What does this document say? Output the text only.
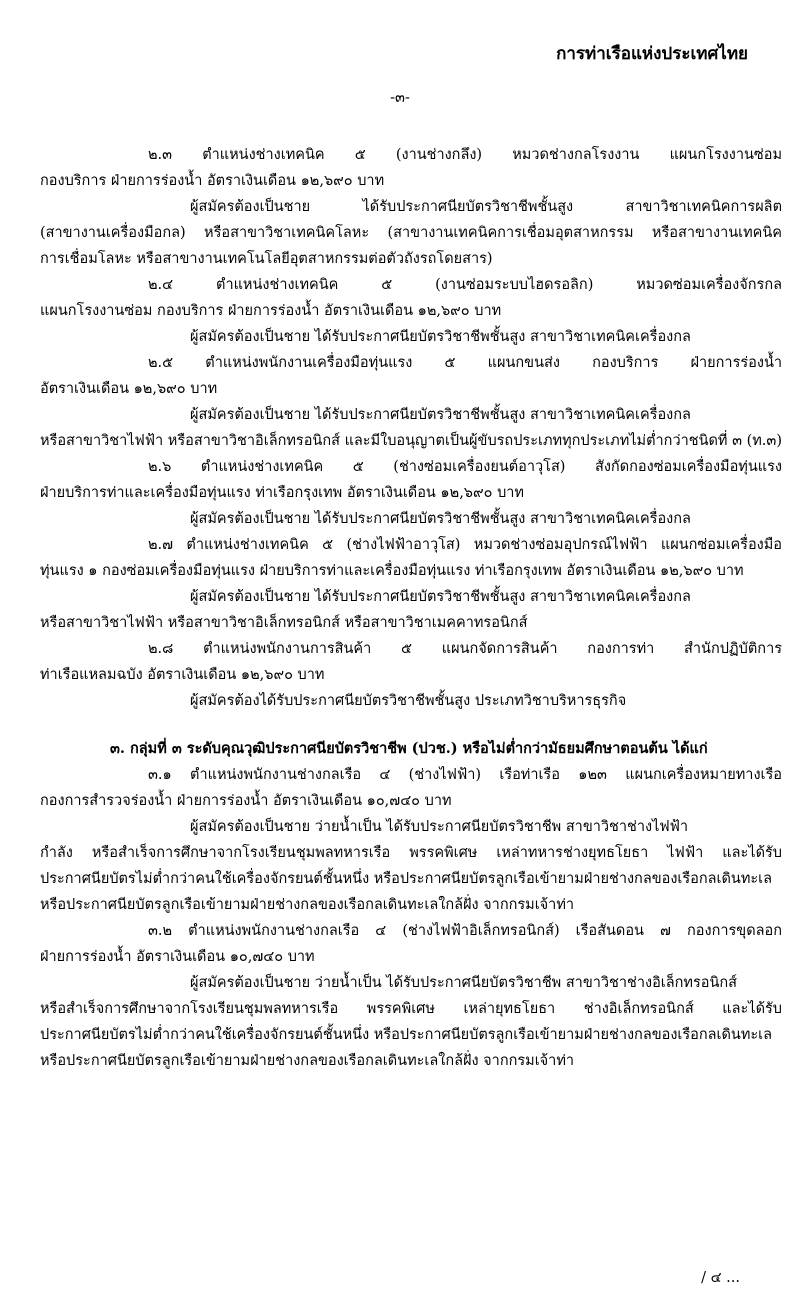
การท่าเรือแห่งประเทศไทย
-๓-
๒.๓ ตำแหน่งช่างเทคนิค ๕ (งานช่างกลึง) หมวดช่างกลโรงงาน แผนกโรงงานซ่อม
กองบริการ ฝ่ายการร่องน้ำ อัตราเงินเดือน ๑๒,๖๙๐ บาท
ผู้สมัครต้องเป็นชาย ได้รับประกาศนียบัตรวิชาชีพชั้นสูง สาขาวิชาเทคนิคการผลิต
(สาขางานเครื่องมือกล) หรือสาขาวิชาเทคนิคโลหะ (สาขางานเทคนิคการเชื่อมอุตสาหกรรม หรือสาขางานเทคนิค
การเชื่อมโลหะ หรือสาขางานเทคโนโลยีอุตสาหกรรมต่อตัวถังรถโดยสาร)
๒.๔ ตำแหน่งช่างเทคนิค ๕ (งานซ่อมระบบไฮดรอลิก) หมวดซ่อมเครื่องจักรกล
แผนกโรงงานซ่อม กองบริการ ฝ่ายการร่องน้ำ อัตราเงินเดือน ๑๒,๖๙๐ บาท
ผู้สมัครต้องเป็นชาย ได้รับประกาศนียบัตรวิชาชีพชั้นสูง สาขาวิชาเทคนิคเครื่องกล
๒.๕ ตำแหน่งพนักงานเครื่องมือทุ่นแรง ๕ แผนกขนส่ง กองบริการ ฝ่ายการร่องน้ำ
อัตราเงินเดือน ๑๒,๖๙๐ บาท
ผู้สมัครต้องเป็นชาย ได้รับประกาศนียบัตรวิชาชีพชั้นสูง สาขาวิชาเทคนิคเครื่องกล
หรือสาขาวิชาไฟฟ้า หรือสาขาวิชาอิเล็กทรอนิกส์ และมีใบอนุญาตเป็นผู้ขับรถประเภททุกประเภทไม่ต่ำกว่าชนิดที่ ๓ (ท.๓)
๒.๖ ตำแหน่งช่างเทคนิค ๕ (ช่างซ่อมเครื่องยนต์อาวุโส) สังกัดกองซ่อมเครื่องมือทุ่นแรง
ฝ่ายบริการท่าและเครื่องมือทุ่นแรง ท่าเรือกรุงเทพ อัตราเงินเดือน ๑๒,๖๙๐ บาท
ผู้สมัครต้องเป็นชาย ได้รับประกาศนียบัตรวิชาชีพชั้นสูง สาขาวิชาเทคนิคเครื่องกล
๒.๗ ตำแหน่งช่างเทคนิค ๕ (ช่างไฟฟ้าอาวุโส) หมวดช่างซ่อมอุปกรณ์ไฟฟ้า แผนกซ่อมเครื่องมือ
ทุ่นแรง ๑ กองซ่อมเครื่องมือทุ่นแรง ฝ่ายบริการท่าและเครื่องมือทุ่นแรง ท่าเรือกรุงเทพ อัตราเงินเดือน ๑๒,๖๙๐ บาท
ผู้สมัครต้องเป็นชาย ได้รับประกาศนียบัตรวิชาชีพชั้นสูง สาขาวิชาเทคนิคเครื่องกล
หรือสาขาวิชาไฟฟ้า หรือสาขาวิชาอิเล็กทรอนิกส์ หรือสาขาวิชาเมคคาทรอนิกส์
๒.๘ ตำแหน่งพนักงานการสินค้า ๕ แผนกจัดการสินค้า กองการท่า สำนักปฏิบัติการ
ท่าเรือแหลมฉบัง อัตราเงินเดือน ๑๒,๖๙๐ บาท
ผู้สมัครต้องได้รับประกาศนียบัตรวิชาชีพชั้นสูง ประเภทวิชาบริหารธุรกิจ
๓. กลุ่มที่ ๓ ระดับคุณวุฒิประกาศนียบัตรวิชาชีพ (ปวช.) หรือไม่ต่ำกว่ามัธยมศึกษาตอนต้น ได้แก่
๓.๑ ตำแหน่งพนักงานช่างกลเรือ ๔ (ช่างไฟฟ้า) เรือท่าเรือ ๑๒๓ แผนกเครื่องหมายทางเรือ
กองการสำรวจร่องน้ำ ฝ่ายการร่องน้ำ อัตราเงินเดือน ๑๐,๗๔๐ บาท
ผู้สมัครต้องเป็นชาย ว่ายน้ำเป็น ได้รับประกาศนียบัตรวิชาชีพ สาขาวิชาช่างไฟฟ้า
กำลัง หรือสำเร็จการศึกษาจากโรงเรียนชุมพลทหารเรือ พรรคพิเศษ เหล่าทหารช่างยุทธโยธา ไฟฟ้า และได้รับ
ประกาศนียบัตรไม่ต่ำกว่าคนใช้เครื่องจักรยนต์ชั้นหนึ่ง หรือประกาศนียบัตรลูกเรือเข้ายามฝ่ายช่างกลของเรือกลเดินทะเล
หรือประกาศนียบัตรลูกเรือเข้ายามฝ่ายช่างกลของเรือกลเดินทะเลใกล้ฝั่ง จากกรมเจ้าท่า
๓.๒ ตำแหน่งพนักงานช่างกลเรือ ๔ (ช่างไฟฟ้าอิเล็กทรอนิกส์) เรือสันดอน ๗ กองการขุดลอก
ฝ่ายการร่องน้ำ อัตราเงินเดือน ๑๐,๗๔๐ บาท
ผู้สมัครต้องเป็นชาย ว่ายน้ำเป็น ได้รับประกาศนียบัตรวิชาชีพ สาขาวิชาช่างอิเล็กทรอนิกส์
หรือสำเร็จการศึกษาจากโรงเรียนชุมพลทหารเรือ พรรคพิเศษ เหล่ายุทธโยธา ช่างอิเล็กทรอนิกส์ และได้รับ
ประกาศนียบัตรไม่ต่ำกว่าคนใช้เครื่องจักรยนต์ชั้นหนึ่ง หรือประกาศนียบัตรลูกเรือเข้ายามฝ่ายช่างกลของเรือกลเดินทะเล
หรือประกาศนียบัตรลูกเรือเข้ายามฝ่ายช่างกลของเรือกลเดินทะเลใกล้ฝั่ง จากกรมเจ้าท่า
/ ๔ ...
